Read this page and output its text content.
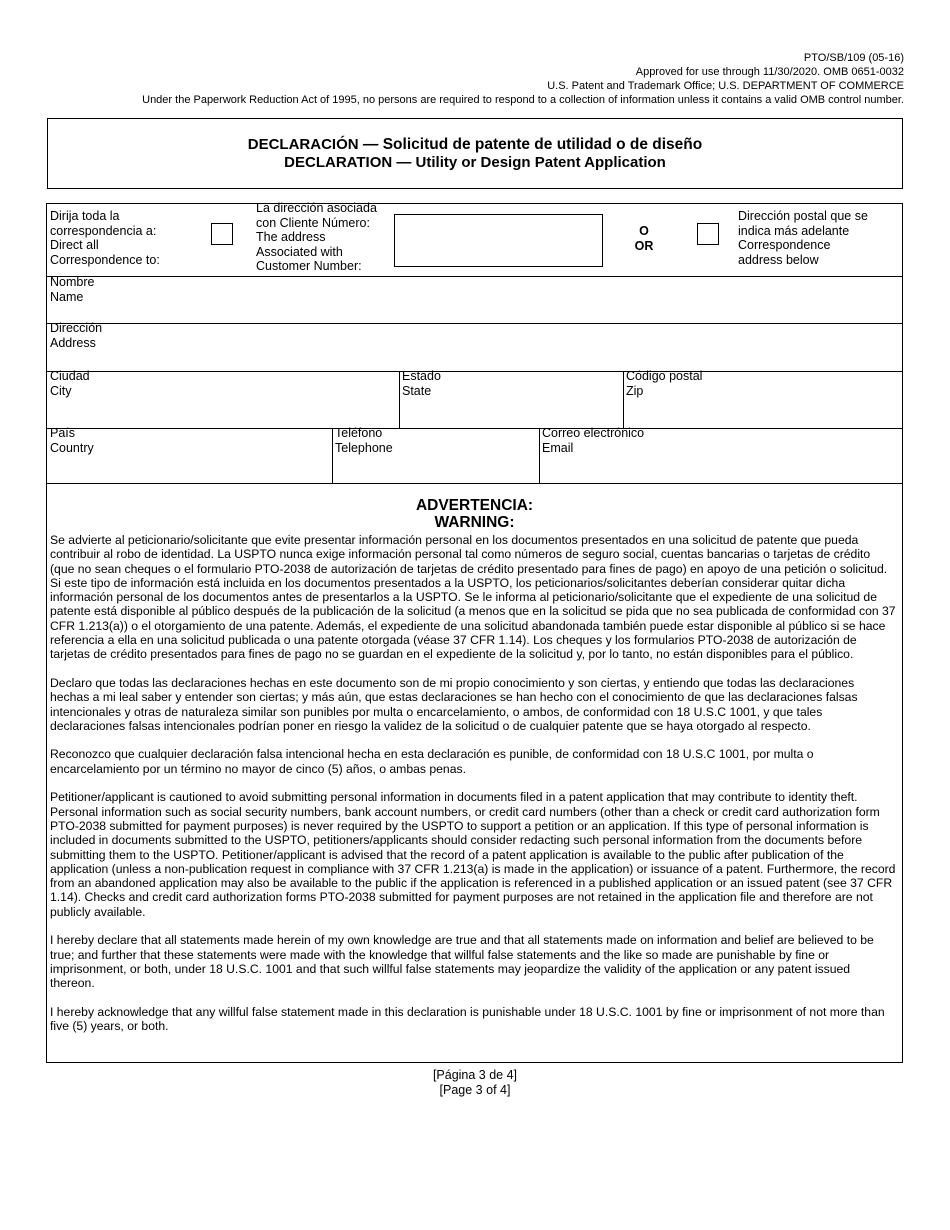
PTO/SB/109 (05-16)
Approved for use through 11/30/2020. OMB 0651-0032
U.S. Patent and Trademark Office; U.S. DEPARTMENT OF COMMERCE
Under the Paperwork Reduction Act of 1995, no persons are required to respond to a collection of information unless it contains a valid OMB control number.
DECLARACIÓN — Solicitud de patente de utilidad o de diseño
DECLARATION — Utility or Design Patent Application
Dirija toda la
correspondencia a:
Direct all
Correspondence to:
La dirección asociada
con Cliente Número:
The address
Associated with
Customer Number:
O
OR
Dirección postal que se
indica más adelante
Correspondence
address below
Nombre
Name
Dirección
Address
Ciudad
City
Estado
State
Código postal
Zip
País
Country
Teléfono
Telephone
Correo electrónico
Email
ADVERTENCIA:
WARNING:

Se advierte al peticionario/solicitante que evite presentar información personal en los documentos presentados en una solicitud de patente que pueda contribuir al robo de identidad. La USPTO nunca exige información personal tal como números de seguro social, cuentas bancarias o tarjetas de crédito (que no sean cheques o el formulario PTO-2038 de autorización de tarjetas de crédito presentado para fines de pago) en apoyo de una petición o solicitud. Si este tipo de información está incluida en los documentos presentados a la USPTO, los peticionarios/solicitantes deberían considerar quitar dicha información personal de los documentos antes de presentarlos a la USPTO. Se le informa al peticionario/solicitante que el expediente de una solicitud de patente está disponible al público después de la publicación de la solicitud (a menos que en la solicitud se pida que no sea publicada de conformidad con 37 CFR 1.213(a)) o el otorgamiento de una patente. Además, el expediente de una solicitud abandonada también puede estar disponible al público si se hace referencia a ella en una solicitud publicada o una patente otorgada (véase 37 CFR 1.14). Los cheques y los formularios PTO-2038 de autorización de tarjetas de crédito presentados para fines de pago no se guardan en el expediente de la solicitud y, por lo tanto, no están disponibles para el público.

Declaro que todas las declaraciones hechas en este documento son de mi propio conocimiento y son ciertas, y entiendo que todas las declaraciones hechas a mi leal saber y entender son ciertas; y más aún, que estas declaraciones se han hecho con el conocimiento de que las declaraciones falsas intencionales y otras de naturaleza similar son punibles por multa o encarcelamiento, o ambos, de conformidad con 18 U.S.C 1001, y que tales declaraciones falsas intencionales podrían poner en riesgo la validez de la solicitud o de cualquier patente que se haya otorgado al respecto.

Reconozco que cualquier declaración falsa intencional hecha en esta declaración es punible, de conformidad con 18 U.S.C 1001, por multa o encarcelamiento por un término no mayor de cinco (5) años, o ambas penas.

Petitioner/applicant is cautioned to avoid submitting personal information in documents filed in a patent application that may contribute to identity theft. Personal information such as social security numbers, bank account numbers, or credit card numbers (other than a check or credit card authorization form PTO-2038 submitted for payment purposes) is never required by the USPTO to support a petition or an application. If this type of personal information is included in documents submitted to the USPTO, petitioners/applicants should consider redacting such personal information from the documents before submitting them to the USPTO. Petitioner/applicant is advised that the record of a patent application is available to the public after publication of the application (unless a non-publication request in compliance with 37 CFR 1.213(a) is made in the application) or issuance of a patent. Furthermore, the record from an abandoned application may also be available to the public if the application is referenced in a published application or an issued patent (see 37 CFR 1.14). Checks and credit card authorization forms PTO-2038 submitted for payment purposes are not retained in the application file and therefore are not publicly available.

I hereby declare that all statements made herein of my own knowledge are true and that all statements made on information and belief are believed to be true; and further that these statements were made with the knowledge that willful false statements and the like so made are punishable by fine or imprisonment, or both, under 18 U.S.C. 1001 and that such willful false statements may jeopardize the validity of the application or any patent issued thereon.

I hereby acknowledge that any willful false statement made in this declaration is punishable under 18 U.S.C. 1001 by fine or imprisonment of not more than five (5) years, or both.

[Página 3 de 4]
[Page 3 of 4]
